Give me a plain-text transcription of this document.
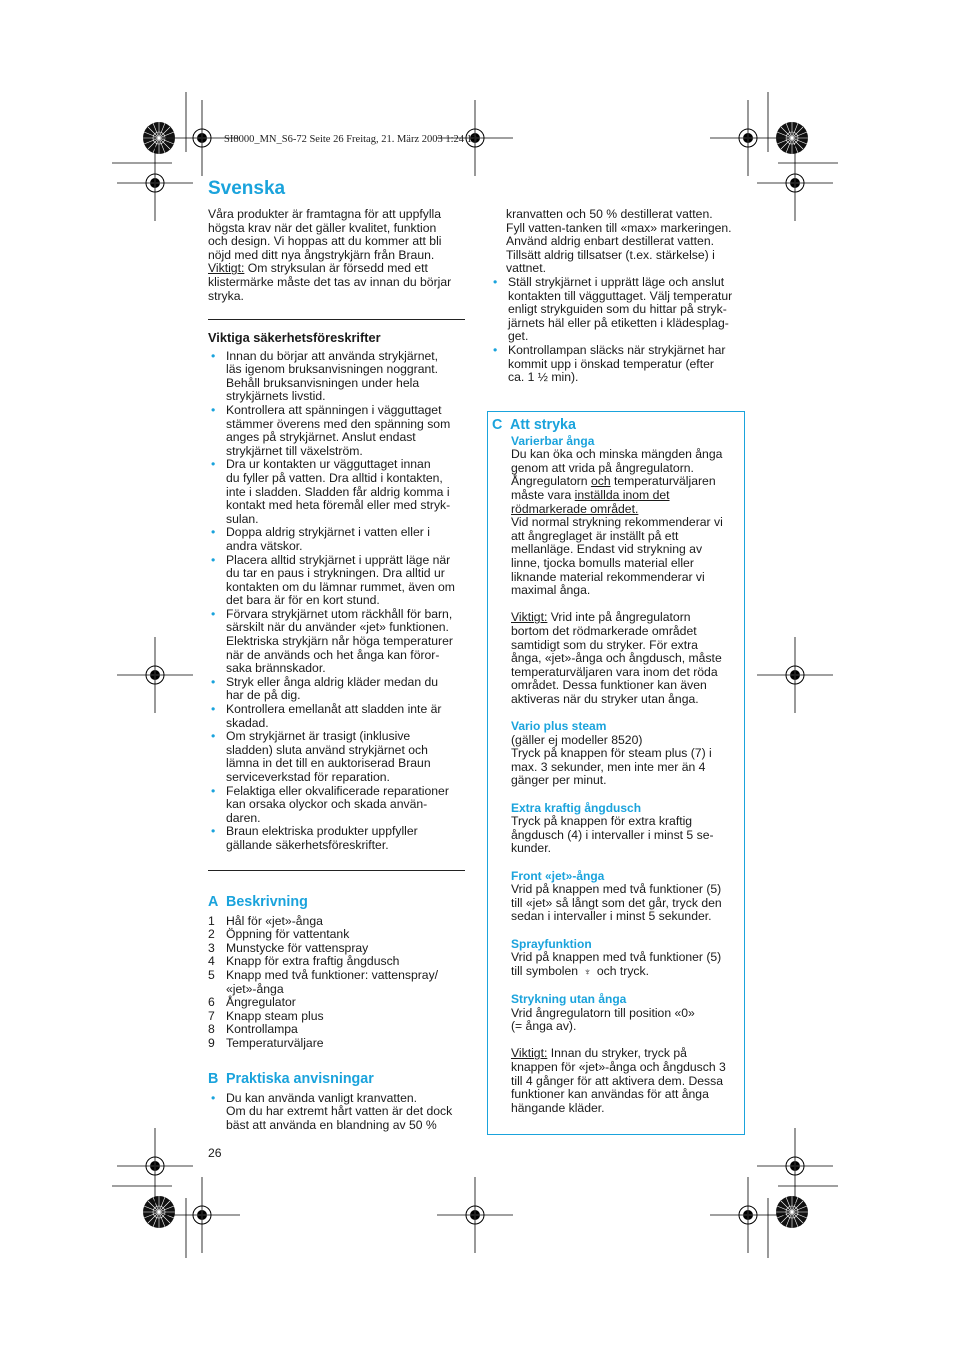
SI8000_MN_S6-72 Seite 26 Freitag, 21. März 2003 1:24 13
Svenska
Våra produkter är framtagna för att uppfylla
högsta krav när det gäller kvalitet, funktion
och design. Vi hoppas att du kommer att bli
nöjd med ditt nya ångstrykjärn från Braun.
Viktigt: Om stryksulan är försedd med ett
klistermärke måste det tas av innan du börjar
stryka.
Viktiga säkerhetsföreskrifter
• Innan du börjar att använda strykjärnet,
läs igenom bruksanvisningen noggrant.
Behåll bruksanvisningen under hela
strykjärnets livstid.
• Kontrollera att spänningen i vägguttaget
stämmer överens med den spänning som
anges på strykjärnet. Anslut endast
strykjärnet till växelström.
• Dra ur kontakten ur vägguttaget innan
du fyller på vatten. Dra alltid i kontakten,
inte i sladden. Sladden får aldrig komma i
kontakt med heta föremål eller med stryk-
sulan.
• Doppa aldrig strykjärnet i vatten eller i
andra vätskor.
• Placera alltid strykjärnet i upprätt läge när
du tar en paus i strykningen. Dra alltid ur
kontakten om du lämnar rummet, även om
det bara är för en kort stund.
• Förvara strykjärnet utom räckhåll för barn,
särskilt när du använder «jet» funktionen.
Elektriska strykjärn når höga temperaturer
när de används och het ånga kan föror-
saka brännskador.
• Stryk eller ånga aldrig kläder medan du
har de på dig.
• Kontrollera emellanåt att sladden inte är
skadad.
• Om strykjärnet är trasigt (inklusive
sladden) sluta använd strykjärnet och
lämna in det till en auktoriserad Braun
serviceverkstad för reparation.
• Felaktiga eller okvalificerade reparationer
kan orsaka olyckor och skada använ-
daren.
• Braun elektriska produkter uppfyller
gällande säkerhetsföreskrifter.
A Beskrivning
1 Hål för «jet»-ånga
2 Öppning för vattentank
3 Munstycke för vattenspray
4 Knapp för extra fraftig ångdusch
5 Knapp med två funktioner: vattenspray/
«jet»-ånga
6 Ångregulator
7 Knapp steam plus
8 Kontrollampa
9 Temperaturväljare
B Praktiska anvisningar
• Du kan använda vanligt kranvatten.
Om du har extremt hårt vatten är det dock
bäst att använda en blandning av 50 %
26
kranvatten och 50 % destillerat vatten.
Fyll vatten-tanken till «max» markeringen.
Använd aldrig enbart destillerat vatten.
Tillsätt aldrig tillsatser (t.ex. stärkelse) i
vattnet.
• Ställ strykjärnet i upprätt läge och anslut
kontakten till vägguttaget. Välj temperatur
enligt strykguiden som du hittar på stryk-
järnets häl eller på etiketten i klädesplag-
get.
• Kontrollampan släcks när strykjärnet har
kommit upp i önskad temperatur (efter
ca. 1 ½ min).
C Att stryka
Varierbar ånga
Du kan öka och minska mängden ånga
genom att vrida på ångregulatorn.
Ångregulatorn och temperaturväljaren
måste vara inställda inom det
rödmarkerade området.
Vid normal strykning rekommenderar vi
att ångreglaget är inställt på ett
mellanläge. Endast vid strykning av
linne, tjocka bomulls material eller
liknande material rekommenderar vi
maximal ånga.
Viktigt: Vrid inte på ångregulatorn
bortom det rödmarkerade området
samtidigt som du stryker. För extra
ånga, «jet»-ånga och ångdusch, måste
temperaturväljaren vara inom det röda
området. Dessa funktioner kan även
aktiveras när du stryker utan ånga.
Vario plus steam
(gäller ej modeller 8520)
Tryck på knappen för steam plus (7) i
max. 3 sekunder, men inte mer än 4
gänger per minut.
Extra kraftig ångdusch
Tryck på knappen för extra kraftig
ångdusch (4) i intervaller i minst 5 se-
kunder.
Front «jet»-ånga
Vrid på knappen med två funktioner (5)
till «jet» så långt som det går, tryck den
sedan i intervaller i minst 5 sekunder.
Sprayfunktion
Vrid på knappen med två funktioner (5)
till symbolen ♆ och tryck.
Strykning utan ånga
Vrid ångregulatorn till position «0»
(= ånga av).
Viktigt: Innan du stryker, tryck på
knappen för «jet»-ånga och ångdusch 3
till 4 gånger för att aktivera dem. Dessa
funktioner kan användas för att ånga
hängande kläder.
